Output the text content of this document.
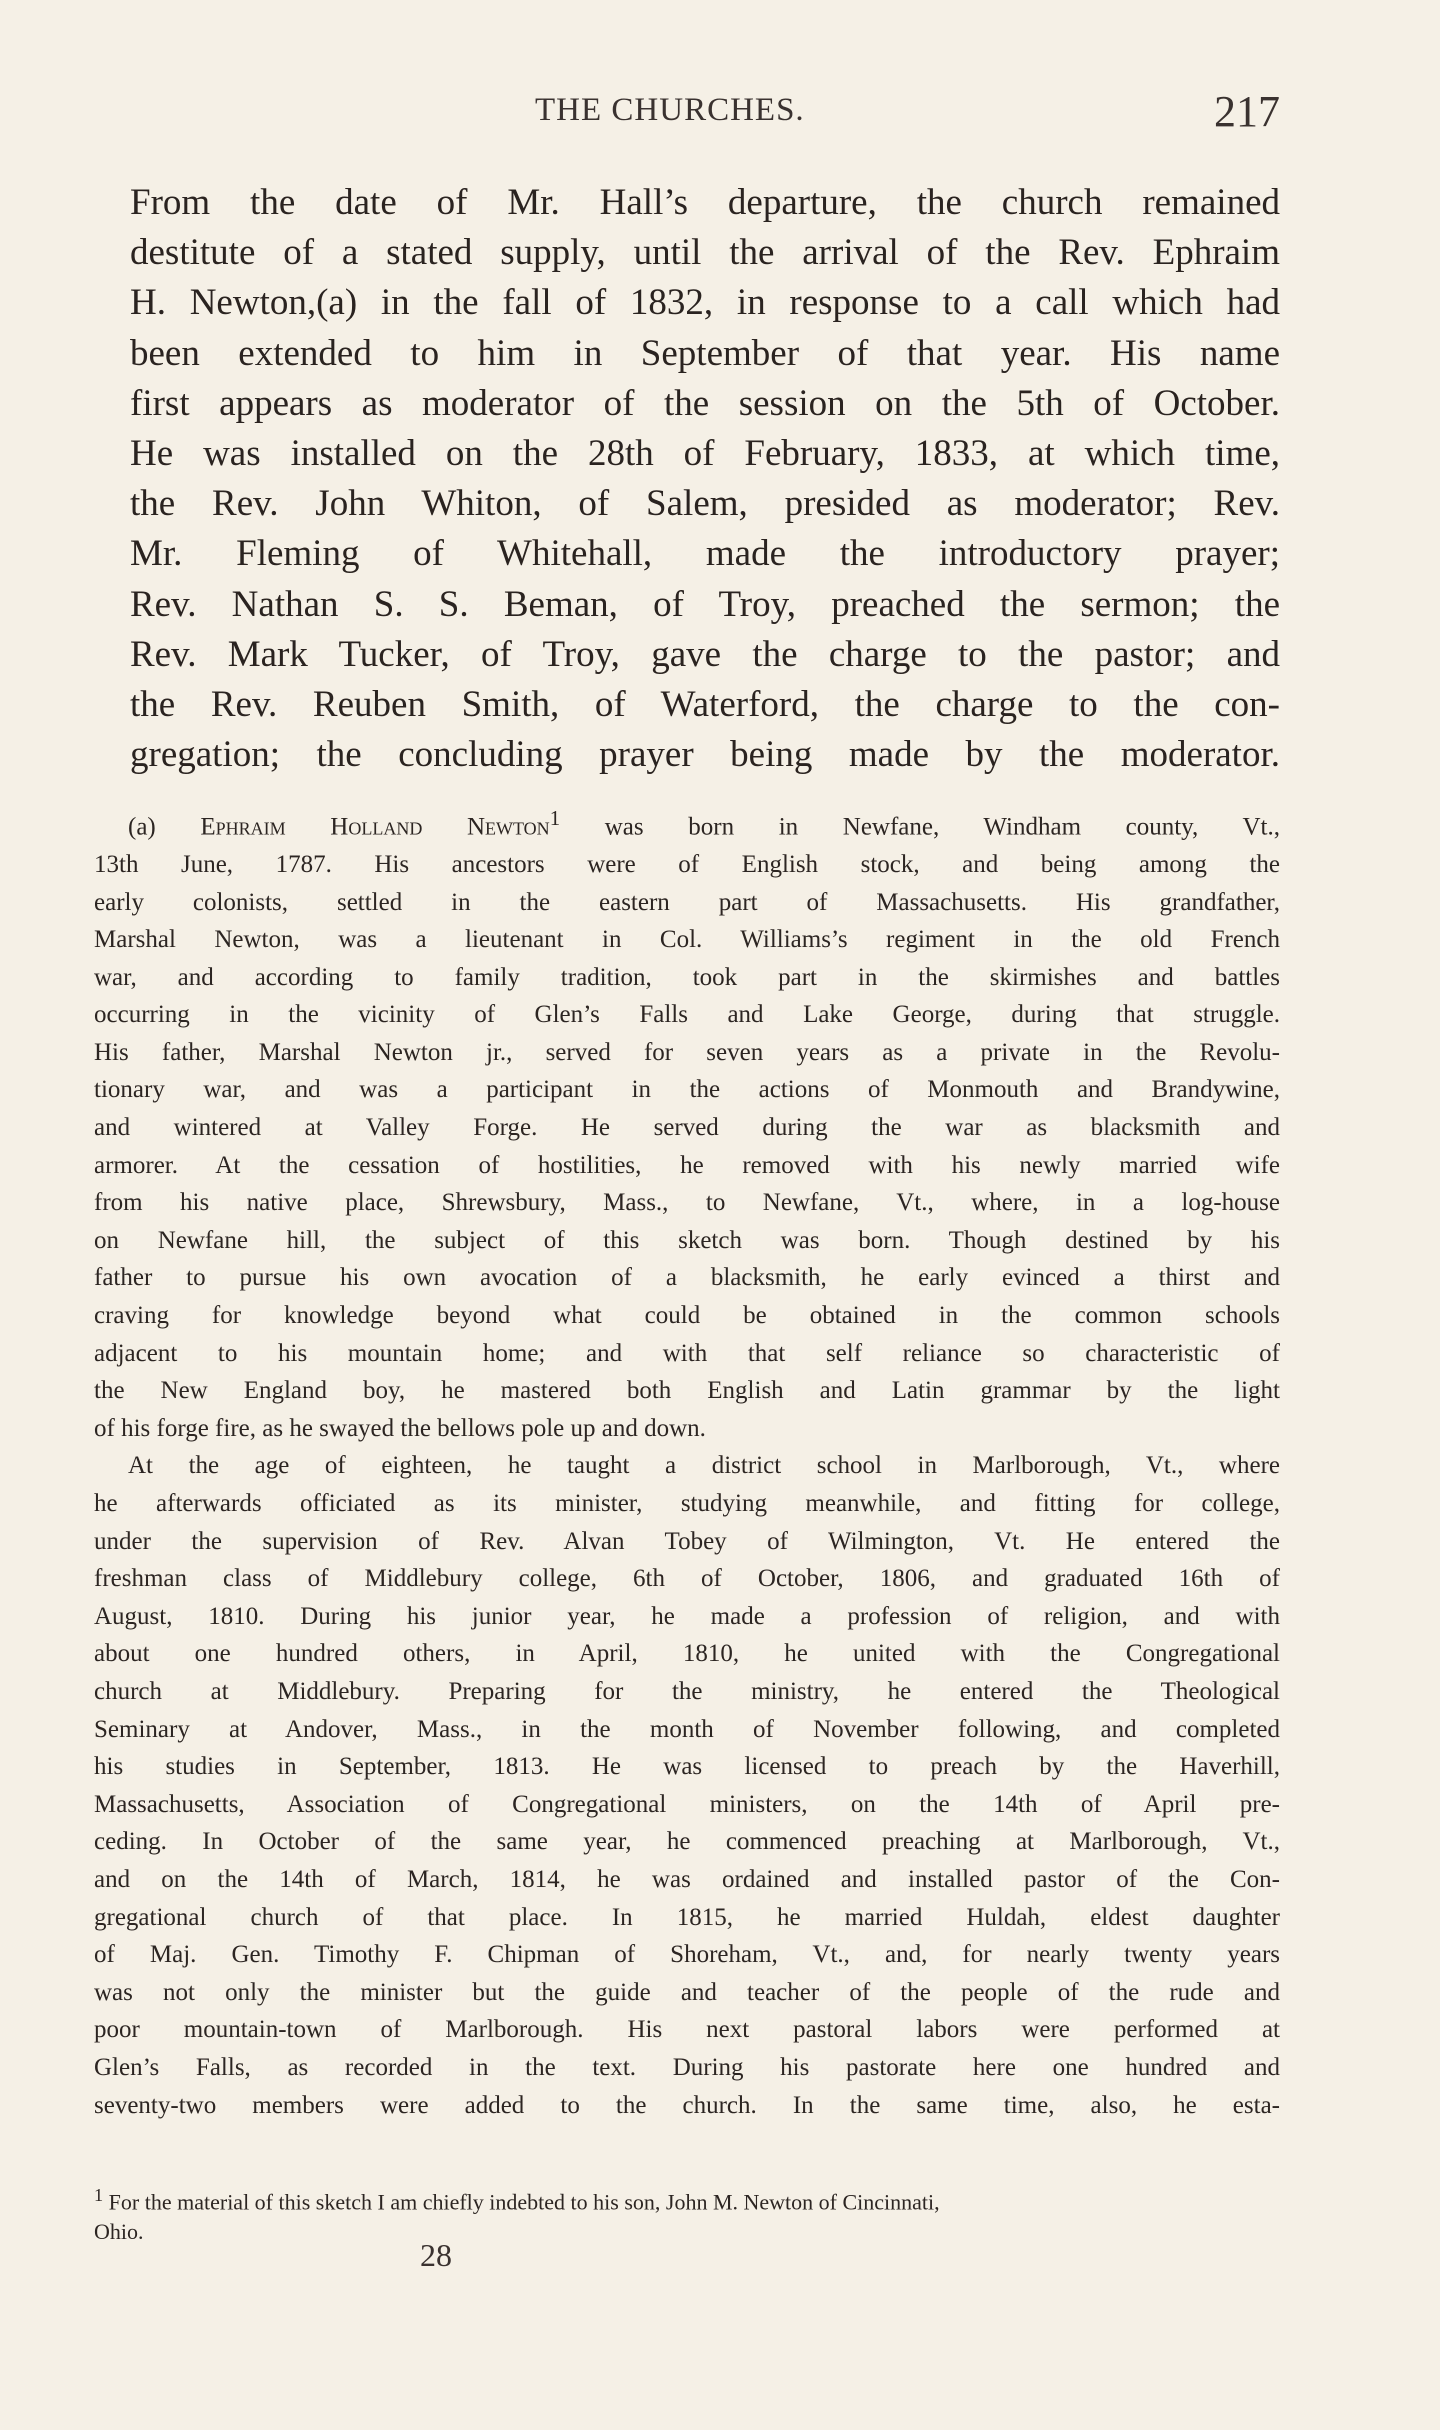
THE CHURCHES.	217
From the date of Mr. Hall’s departure, the church remained
destitute of a stated supply, until the arrival of the Rev. Ephraim
H. Newton,(a) in the fall of 1832, in response to a call which had
been extended to him in September of that year. His name
first appears as moderator of the session on the 5th of October.
He was installed on the 28th of February, 1833, at which time,
the Rev. John Whiton, of Salem, presided as moderator; Rev.
Mr. Fleming of Whitehall, made the introductory prayer;
Rev. Nathan S. S. Beman, of Troy, preached the sermon; the
Rev. Mark Tucker, of Troy, gave the charge to the pastor; and
the Rev. Reuben Smith, of Waterford, the charge to the con-
gregation; the concluding prayer being made by the moderator.
(a) Ephraim Holland Newton$^1$ was born in Newfane, Windham county, Vt.,
13th June, 1787. His ancestors were of English stock, and being among the
early colonists, settled in the eastern part of Massachusetts. His grandfather,
Marshal Newton, was a lieutenant in Col. Williams’s regiment in the old French
war, and according to family tradition, took part in the skirmishes and battles
occurring in the vicinity of Glen’s Falls and Lake George, during that struggle.
His father, Marshal Newton jr., served for seven years as a private in the Revolu-
tionary war, and was a participant in the actions of Monmouth and Brandywine,
and wintered at Valley Forge. He served during the war as blacksmith and
armorer. At the cessation of hostilities, he removed with his newly married wife
from his native place, Shrewsbury, Mass., to Newfane, Vt., where, in a log-house
on Newfane hill, the subject of this sketch was born. Though destined by his
father to pursue his own avocation of a blacksmith, he early evinced a thirst and
craving for knowledge beyond what could be obtained in the common schools
adjacent to his mountain home; and with that self reliance so characteristic of
the New England boy, he mastered both English and Latin grammar by the light
of his forge fire, as he swayed the bellows pole up and down.
At the age of eighteen, he taught a district school in Marlborough, Vt., where
he afterwards officiated as its minister, studying meanwhile, and fitting for college,
under the supervision of Rev. Alvan Tobey of Wilmington, Vt. He entered the
freshman class of Middlebury college, 6th of October, 1806, and graduated 16th of
August, 1810. During his junior year, he made a profession of religion, and with
about one hundred others, in April, 1810, he united with the Congregational
church at Middlebury. Preparing for the ministry, he entered the Theological
Seminary at Andover, Mass., in the month of November following, and completed
his studies in September, 1813. He was licensed to preach by the Haverhill,
Massachusetts, Association of Congregational ministers, on the 14th of April pre-
ceding. In October of the same year, he commenced preaching at Marlborough, Vt.,
and on the 14th of March, 1814, he was ordained and installed pastor of the Con-
gregational church of that place. In 1815, he married Huldah, eldest daughter
of Maj. Gen. Timothy F. Chipman of Shoreham, Vt., and, for nearly twenty years
was not only the minister but the guide and teacher of the people of the rude and
poor mountain-town of Marlborough. His next pastoral labors were performed at
Glen’s Falls, as recorded in the text. During his pastorate here one hundred and
seventy-two members were added to the church. In the same time, also, he esta-
$^1$ For the material of this sketch I am chiefly indebted to his son, John M. Newton of Cincinnati,
Ohio.
28
